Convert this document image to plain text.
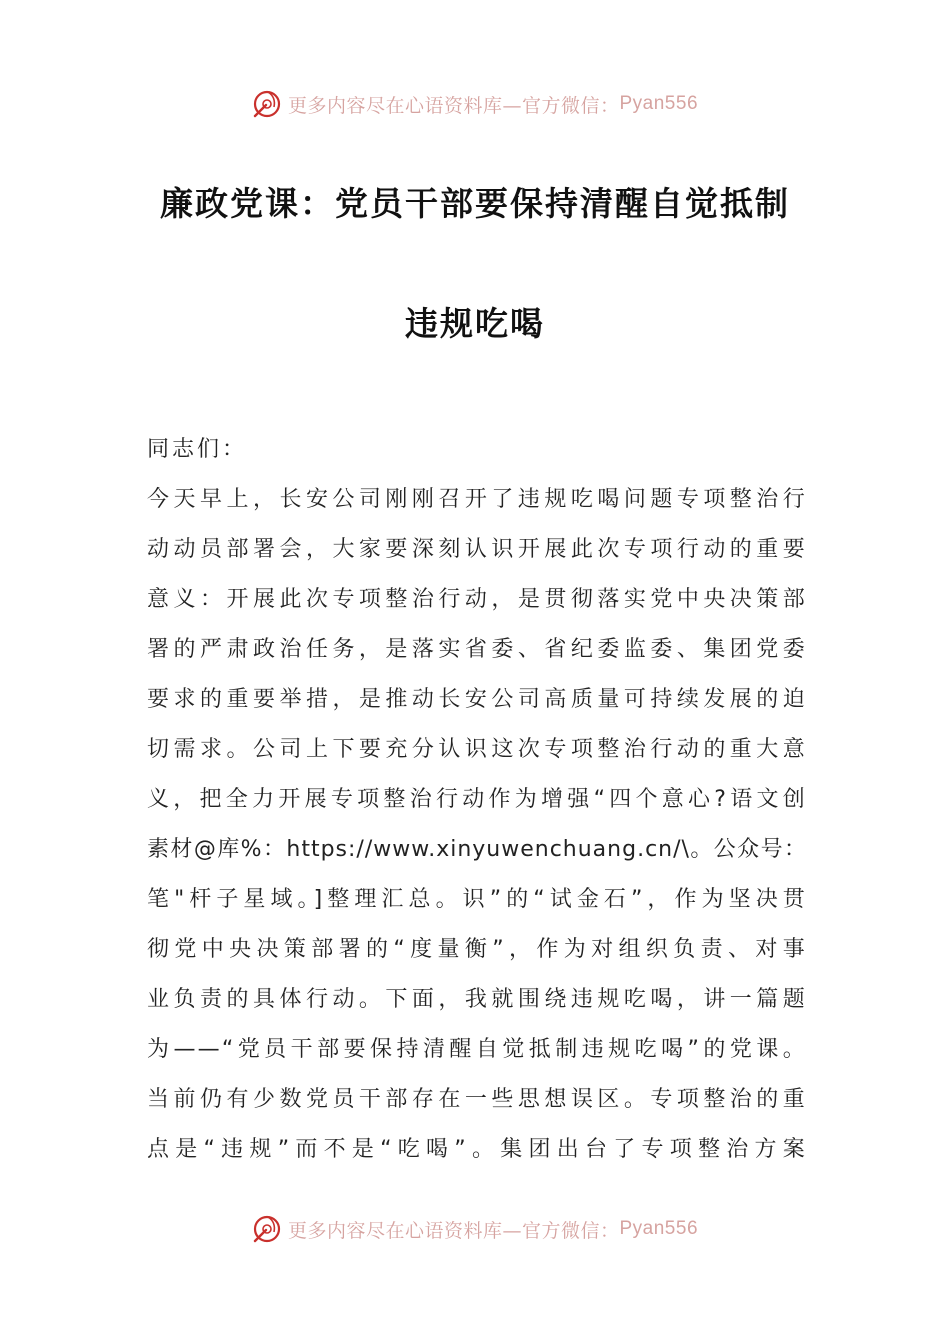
更多内容尽在心语资料库—官方微信： Pyan556
廉政党课：党员干部要保持清醒自觉抵制
违规吃喝
同志们：
今天早上，长安公司刚刚召开了违规吃喝问题专项整治行
动动员部署会，大家要深刻认识开展此次专项行动的重要
意义：开展此次专项整治行动，是贯彻落实党中央决策部
署的严肃政治任务，是落实省委、省纪委监委、集团党委
要求的重要举措，是推动长安公司高质量可持续发展的迫
切需求。公司上下要充分认识这次专项整治行动的重大意
义，把全力开展专项整治行动作为增强“四个意心?语文创
素材@库%：https://www.xinyuwenchuang.cn/\。公众号：
笔"杆子星域。]整理汇总。识”的“试金石”，作为坚决贯
彻党中央决策部署的“度量衡”，作为对组织负责、对事
业负责的具体行动。下面，我就围绕违规吃喝，讲一篇题
为——“党员干部要保持清醒自觉抵制违规吃喝”的党课。
当前仍有少数党员干部存在一些思想误区。专项整治的重
点是“违规”而不是“吃喝”。集团出台了专项整治方案
更多内容尽在心语资料库—官方微信： Pyan556
